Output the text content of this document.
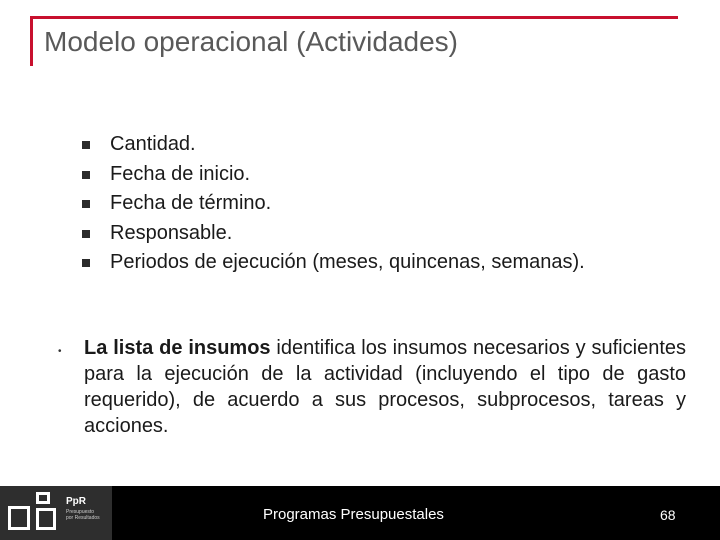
Modelo operacional (Actividades)
Cantidad.
Fecha de inicio.
Fecha de término.
Responsable.
Periodos de ejecución (meses, quincenas, semanas).
• La lista de insumos identifica los insumos necesarios y suficientes para la ejecución de la actividad (incluyendo el tipo de gasto requerido), de acuerdo a sus procesos, subprocesos, tareas y acciones.
PpR
Presupuesto
por Resultados	Programas Presupuestales	68
